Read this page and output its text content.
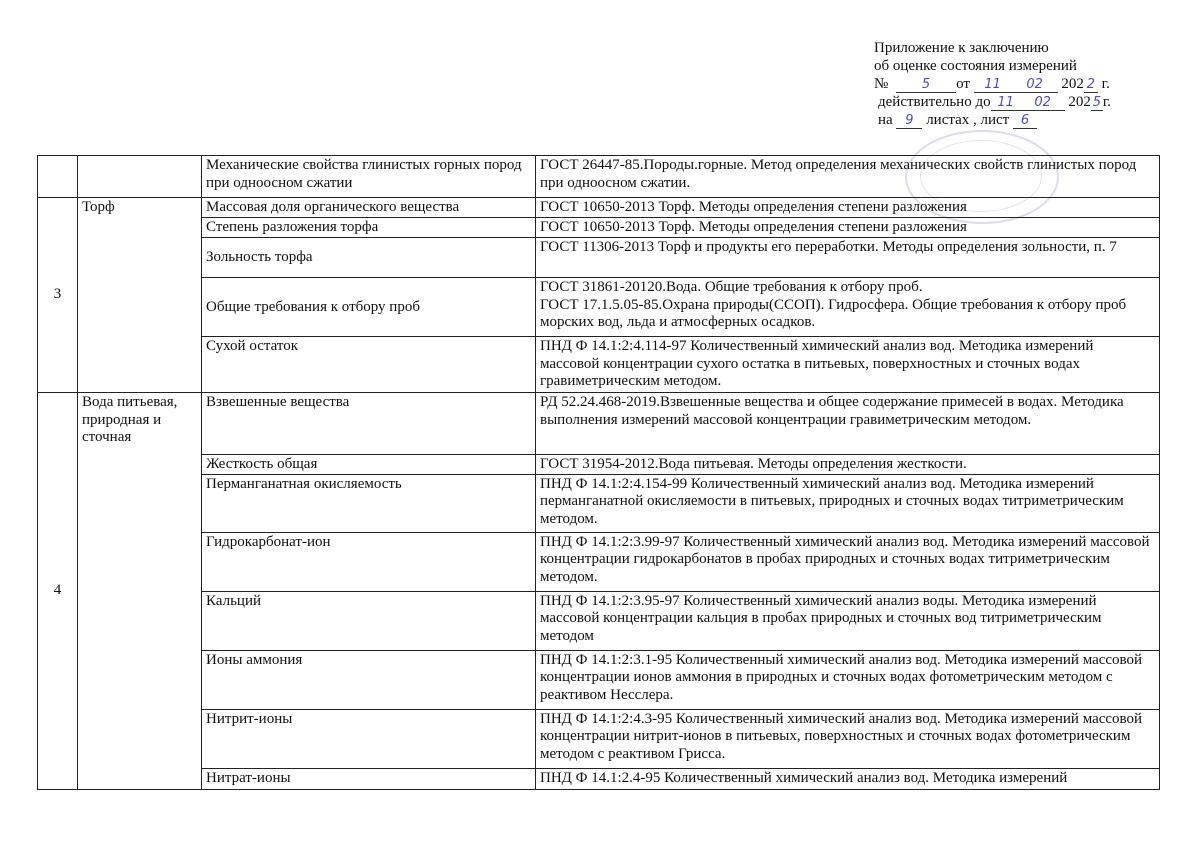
Приложение к заключению
об оценке состояния измерений
№	5 от 11 02 202 2 г.
действительно до 11 02 202 5 г.
на 9 листах , лист 6
		Механические свойства глинистых горных пород при одноосном сжатии	ГОСТ 26447-85.Породы.горные. Метод определения механических свойств глинистых пород при одноосном сжатии.
3	Торф	Массовая доля органического вещества	ГОСТ 10650-2013 Торф. Методы определения степени разложения
		Степень разложения торфа	ГОСТ 10650-2013 Торф. Методы определения степени разложения
		Зольность торфа	ГОСТ 11306-2013 Торф и продукты его переработки. Методы определения зольности, п. 7
		Общие требования к отбору проб	ГОСТ 31861-20120.Вода. Общие требования к отбору проб.
ГОСТ 17.1.5.05-85.Охрана природы(ССОП). Гидросфера. Общие требования к отбору проб морских вод, льда и атмосферных осадков.

		Сухой остаток	ПНД Ф 14.1:2:4.114-97 Количественный химический анализ вод. Методика измерений массовой концентрации сухого остатка в питьевых, поверхностных и сточных водах гравиметрическим методом.
4	Вода питьевая, природная и сточная	Взвешенные вещества	РД 52.24.468-2019.Взвешенные вещества и общее содержание примесей в водах. Методика выполнения измерений массовой концентрации гравиметрическим методом.
		Жесткость общая	ГОСТ 31954-2012.Вода питьевая. Методы определения жесткости.
		Перманганатная окисляемость	ПНД Ф 14.1:2:4.154-99 Количественный химический анализ вод. Методика измерений перманганатной окисляемости в питьевых, природных и сточных водах титриметрическим методом.
		Гидрокарбонат-ион	ПНД Ф 14.1:2:3.99-97 Количественный химический анализ вод. Методика измерений массовой концентрации гидрокарбонатов в пробах природных и сточных водах титриметрическим методом.
		Кальций	ПНД Ф 14.1:2:3.95-97 Количественный химический анализ воды. Методика измерений массовой концентрации кальция в пробах природных и сточных вод титриметрическим методом
		Ионы аммония	ПНД Ф 14.1:2:3.1-95 Количественный химический анализ вод. Методика измерений массовой концентрации ионов аммония в природных и сточных водах фотометрическим методом с реактивом Несслера.
		Нитрит-ионы	ПНД Ф 14.1:2:4.3-95 Количественный химический анализ вод. Методика измерений массовой концентрации нитрит-ионов в питьевых, поверхностных и сточных водах фотометрическим методом с реактивом Грисса.
		Нитрат-ионы	ПНД Ф 14.1:2.4-95 Количественный химический анализ вод. Методика измерений
